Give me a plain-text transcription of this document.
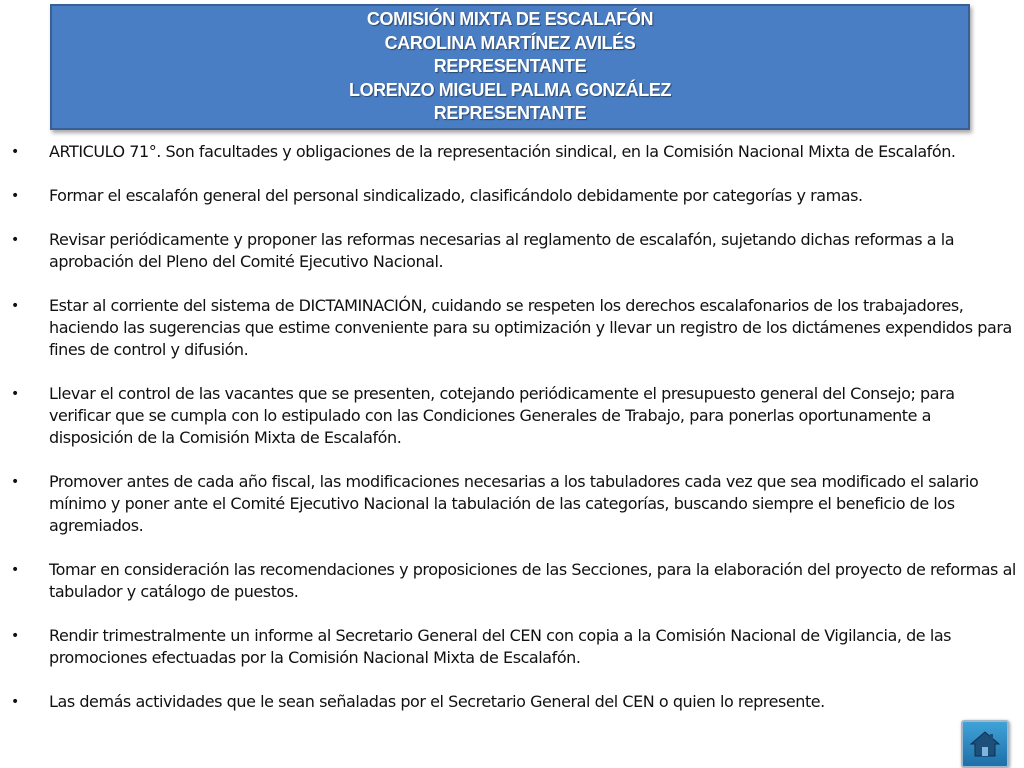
COMISIÓN MIXTA DE ESCALAFÓN
CAROLINA MARTÍNEZ AVILÉS
REPRESENTANTE
LORENZO MIGUEL PALMA GONZÁLEZ
REPRESENTANTE
• ARTICULO 71°. Son facultades y obligaciones de la representación sindical, en la Comisión Nacional Mixta de Escalafón.
• Formar el escalafón general del personal sindicalizado, clasificándolo debidamente por categorías y ramas.
• Revisar periódicamente y proponer las reformas necesarias al reglamento de escalafón, sujetando dichas reformas a la aprobación del Pleno del Comité Ejecutivo Nacional.
• Estar al corriente del sistema de DICTAMINACIÓN, cuidando se respeten los derechos escalafonarios de los trabajadores, haciendo las sugerencias que estime conveniente para su optimización y llevar un registro de los dictámenes expendidos para fines de control y difusión.
• Llevar el control de las vacantes que se presenten, cotejando periódicamente el presupuesto general del Consejo; para verificar que se cumpla con lo estipulado con las Condiciones Generales de Trabajo, para ponerlas oportunamente a disposición de la Comisión Mixta de Escalafón.
• Promover antes de cada año fiscal, las modificaciones necesarias a los tabuladores cada vez que sea modificado el salario mínimo y poner ante el Comité Ejecutivo Nacional la tabulación de las categorías, buscando siempre el beneficio de los agremiados.
• Tomar en consideración las recomendaciones y proposiciones de las Secciones, para la elaboración del proyecto de reformas al tabulador y catálogo de puestos.
• Rendir trimestralmente un informe al Secretario General del CEN con copia a la Comisión Nacional de Vigilancia, de las promociones efectuadas por la Comisión Nacional Mixta de Escalafón.
• Las demás actividades que le sean señaladas por el Secretario General del CEN o quien lo represente.
